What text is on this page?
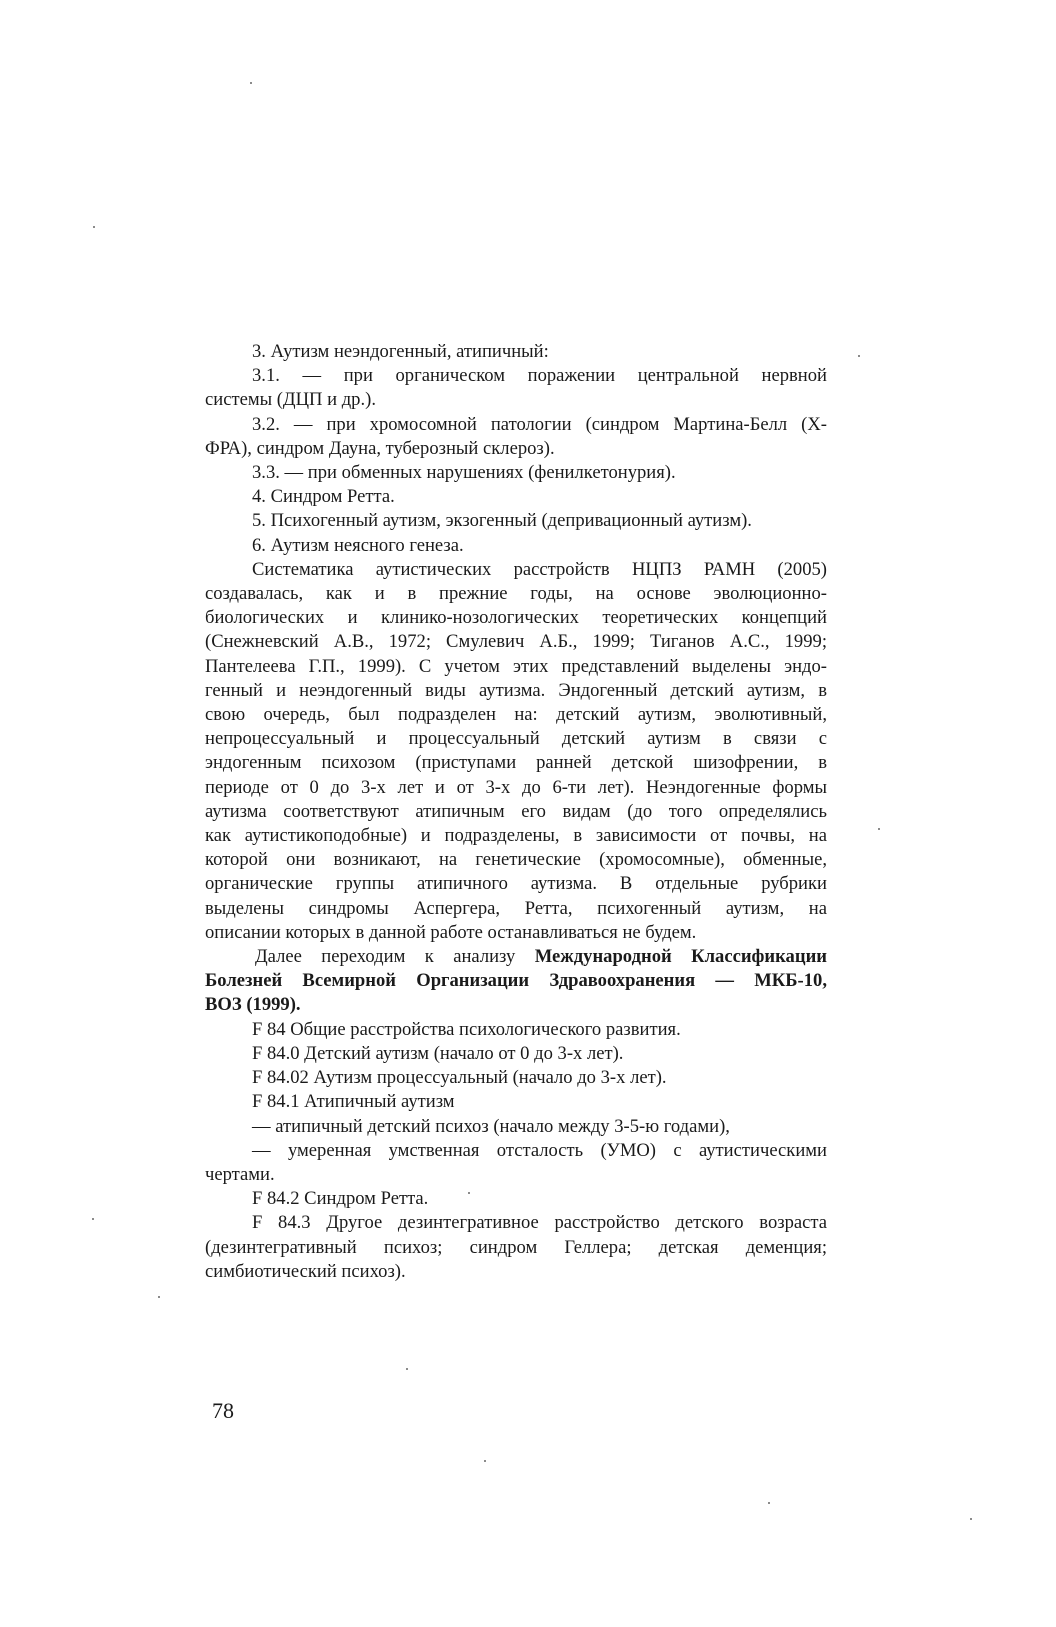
3. Аутизм неэндогенный, атипичный:
3.1. — при органическом поражении центральной нервной
системы (ДЦП и др.).
3.2. — при хромосомной патологии (синдром Мартина-Белл (Х-
ФРА), синдром Дауна, туберозный склероз).
3.3. — при обменных нарушениях (фенилкетонурия).
4. Синдром Ретта.
5. Психогенный аутизм, экзогенный (депривационный аутизм).
6. Аутизм неясного генеза.
Систематика аутистических расстройств НЦПЗ РАМН (2005)
создавалась, как и в прежние годы, на основе эволюционно-
биологических и клинико-нозологических теоретических концепций
(Снежневский А.В., 1972; Смулевич А.Б., 1999; Тиганов А.С., 1999;
Пантелеева Г.П., 1999). С учетом этих представлений выделены эндо-
генный и неэндогенный виды аутизма. Эндогенный детский аутизм, в
свою очередь, был подразделен на: детский аутизм, эволютивный,
непроцессуальный и процессуальный детский аутизм в связи с
эндогенным психозом (приступами ранней детской шизофрении, в
периоде от 0 до 3-х лет и от 3-х до 6-ти лет). Неэндогенные формы
аутизма соответствуют атипичным его видам (до того определялись
как аутистикоподобные) и подразделены, в зависимости от почвы, на
которой они возникают, на генетические (хромосомные), обменные,
органические группы атипичного аутизма. В отдельные рубрики
выделены синдромы Аспергера, Ретта, психогенный аутизм, на
описании которых в данной работе останавливаться не будем.
Далее переходим к анализу Международной Классификации
Болезней Всемирной Организации Здравоохранения — МКБ-10,
ВОЗ (1999).
F 84 Общие расстройства психологического развития.
F 84.0 Детский аутизм (начало от 0 до 3-х лет).
F 84.02 Аутизм процессуальный (начало до 3-х лет).
F 84.1 Атипичный аутизм
— атипичный детский психоз (начало между 3-5-ю годами),
— умеренная умственная отсталость (УМО) с аутистическими
чертами.
F 84.2 Синдром Ретта.
F 84.3 Другое дезинтегративное расстройство детского возраста
(дезинтегративный психоз; синдром Геллера; детская деменция;
симбиотический психоз).
78
